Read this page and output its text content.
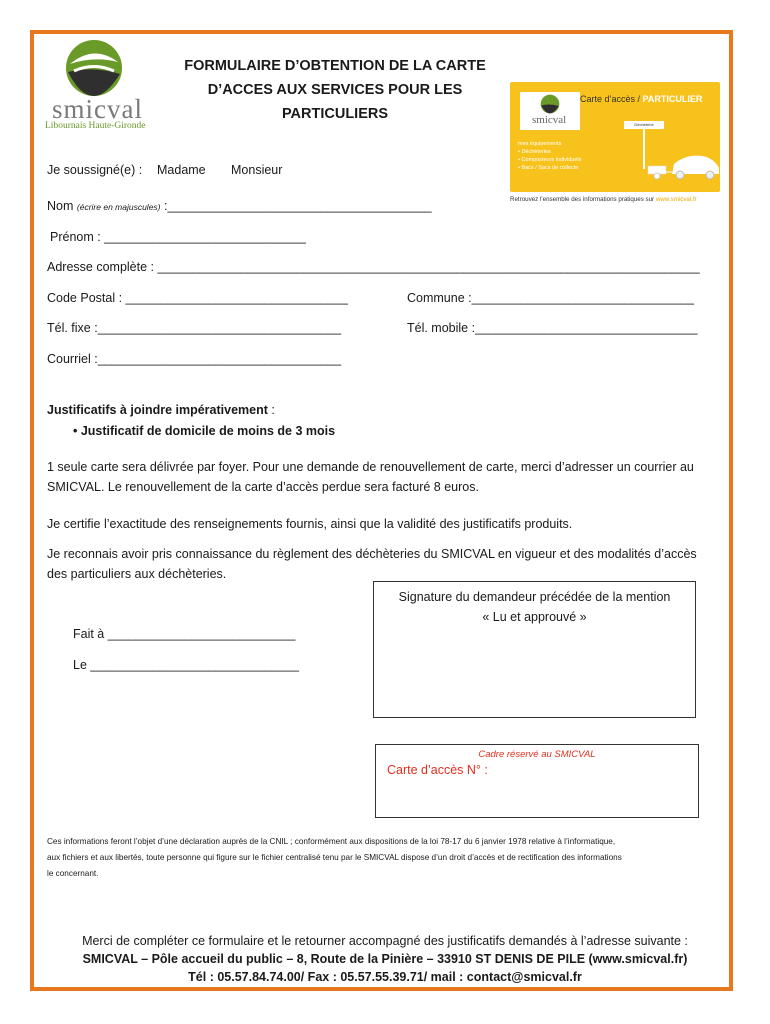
smicval
Libournais Haute-Gironde
FORMULAIRE D’OBTENTION DE LA CARTE
D’ACCES AUX SERVICES POUR LES
PARTICULIERS	smicval
Carte d’accès / PARTICULIER
Déchèterie
mes équipements
• Déchèteries
• Composteurs individuels
• Bacs / Sacs de collecte
Retrouvez l’ensemble des informations pratiques sur www.smicval.fr
Je soussigné(e) : Madame Monsieur
Nom (écrire en majuscules) :______________________________________
Prénom : _____________________________
Adresse complète : ______________________________________________________________________________
Code Postal : ________________________________	Commune :________________________________
Tél. fixe :___________________________________	Tél. mobile :________________________________
Courriel :___________________________________
Justificatifs à joindre impérativement :
• Justificatif de domicile de moins de 3 mois
1 seule carte sera délivrée par foyer. Pour une demande de renouvellement de carte, merci d’adresser un courrier au
SMICVAL. Le renouvellement de la carte d’accès perdue sera facturé 8 euros.
Je certifie l’exactitude des renseignements fournis, ainsi que la validité des justificatifs produits.
Je reconnais avoir pris connaissance du règlement des déchèteries du SMICVAL en vigueur et des modalités d’accès
des particuliers aux déchèteries.
Fait à ___________________________
Le ______________________________
Signature du demandeur précédée de la mention
« Lu et approuvé »
Cadre réservé au SMICVAL
Carte d’accès N° :
Ces informations feront l’objet d’une déclaration auprès de la CNIL ; conformément aux dispositions de la loi 78-17 du 6 janvier 1978 relative à l’informatique,
aux fichiers et aux libertés, toute personne qui figure sur le fichier centralisé tenu par le SMICVAL dispose d’un droit d’accès et de rectification des informations
le concernant.
Merci de compléter ce formulaire et le retourner accompagné des justificatifs demandés à l’adresse suivante :
SMICVAL – Pôle accueil du public – 8, Route de la Pinière – 33910 ST DENIS DE PILE (www.smicval.fr)
Tél : 05.57.84.74.00/ Fax : 05.57.55.39.71/ mail : contact@smicval.fr
